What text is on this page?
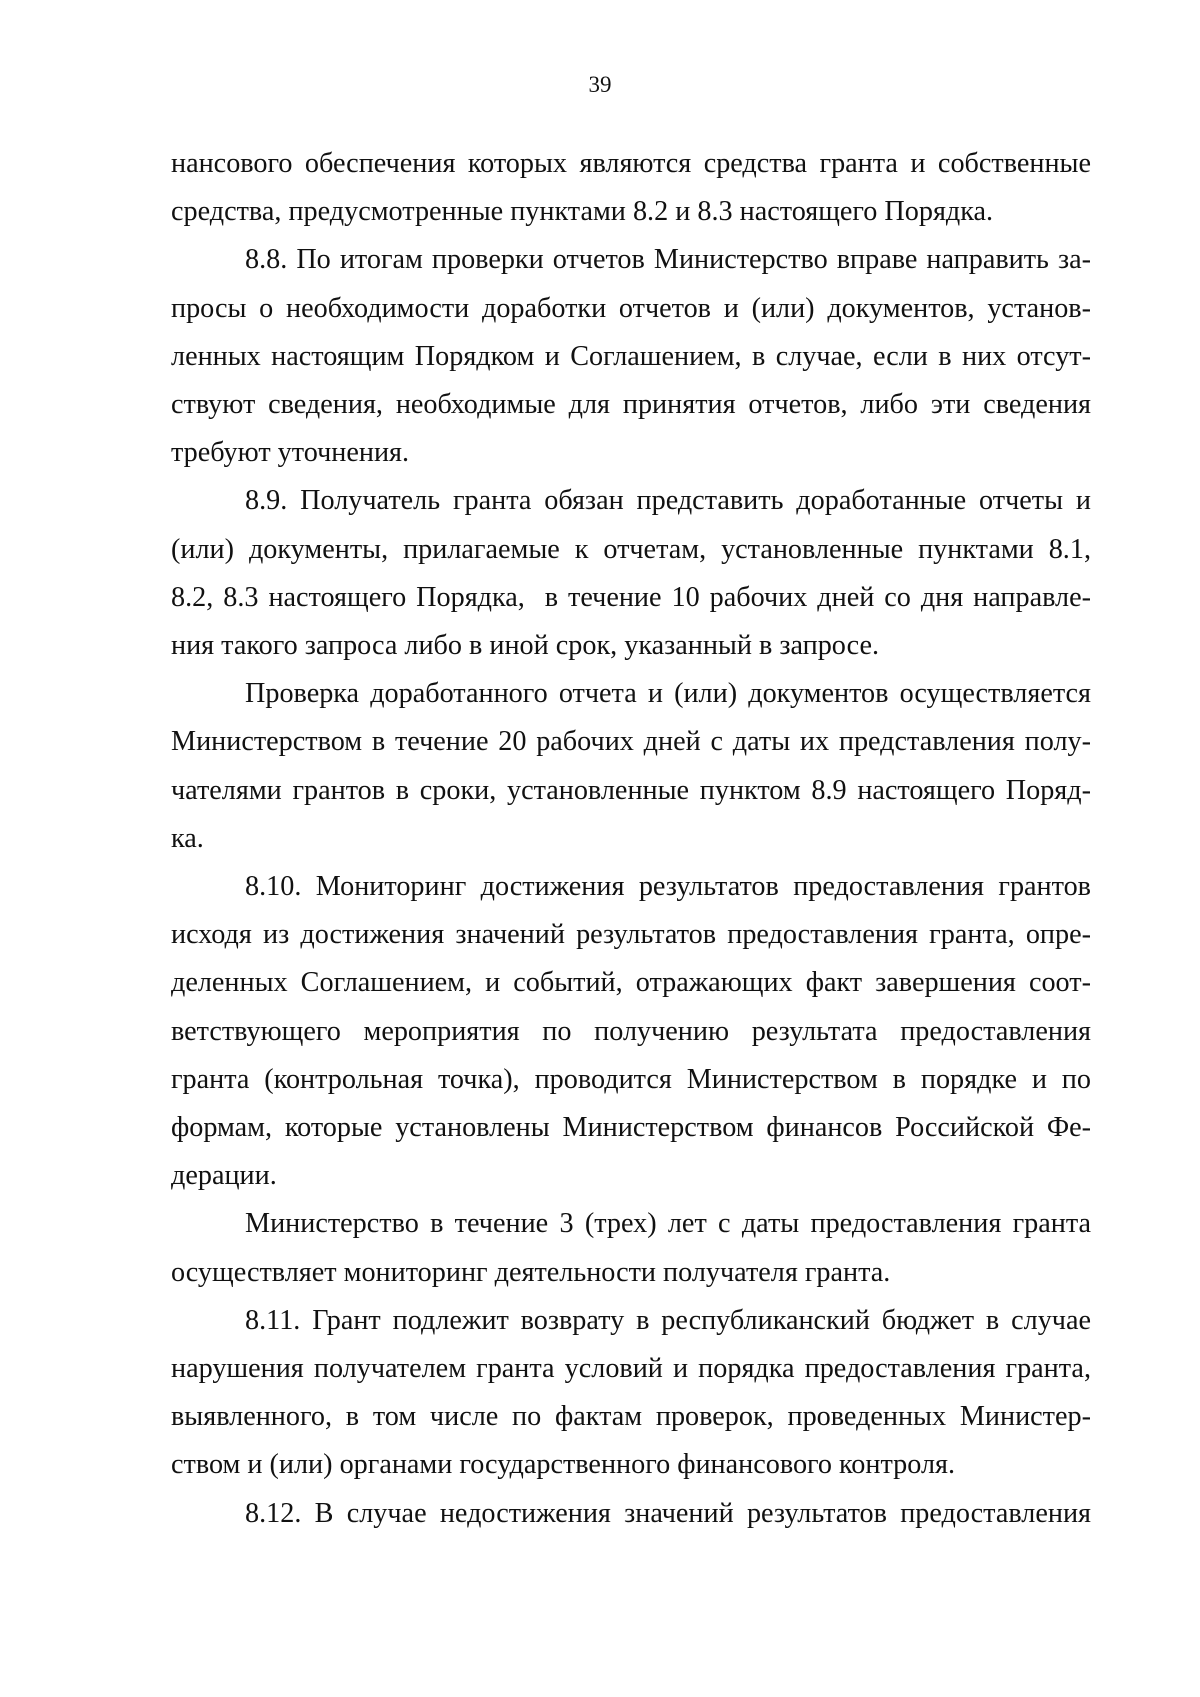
39
нансового обеспечения которых являются средства гранта и собственные
средства, предусмотренные пунктами 8.2 и 8.3 настоящего Порядка.
8.8. По итогам проверки отчетов Министерство вправе направить за-
просы о необходимости доработки отчетов и (или) документов, установ-
ленных настоящим Порядком и Соглашением, в случае, если в них отсут-
ствуют сведения, необходимые для принятия отчетов, либо эти сведения
требуют уточнения.
8.9. Получатель гранта обязан представить доработанные отчеты и
(или) документы, прилагаемые к отчетам, установленные пунктами 8.1,
8.2, 8.3 настоящего Порядка,  в течение 10 рабочих дней со дня направле-
ния такого запроса либо в иной срок, указанный в запросе.
Проверка доработанного отчета и (или) документов осуществляется
Министерством в течение 20 рабочих дней с даты их представления полу-
чателями грантов в сроки, установленные пунктом 8.9 настоящего Поряд-
ка.
8.10. Мониторинг достижения результатов предоставления грантов
исходя из достижения значений результатов предоставления гранта, опре-
деленных Соглашением, и событий, отражающих факт завершения соот-
ветствующего мероприятия по получению результата предоставления
гранта (контрольная точка), проводится Министерством в порядке и по
формам, которые установлены Министерством финансов Российской Фе-
дерации.
Министерство в течение 3 (трех) лет с даты предоставления гранта
осуществляет мониторинг деятельности получателя гранта.
8.11. Грант подлежит возврату в республиканский бюджет в случае
нарушения получателем гранта условий и порядка предоставления гранта,
выявленного, в том числе по фактам проверок, проведенных Министер-
ством и (или) органами государственного финансового контроля.
8.12. В случае недостижения значений результатов предоставления
